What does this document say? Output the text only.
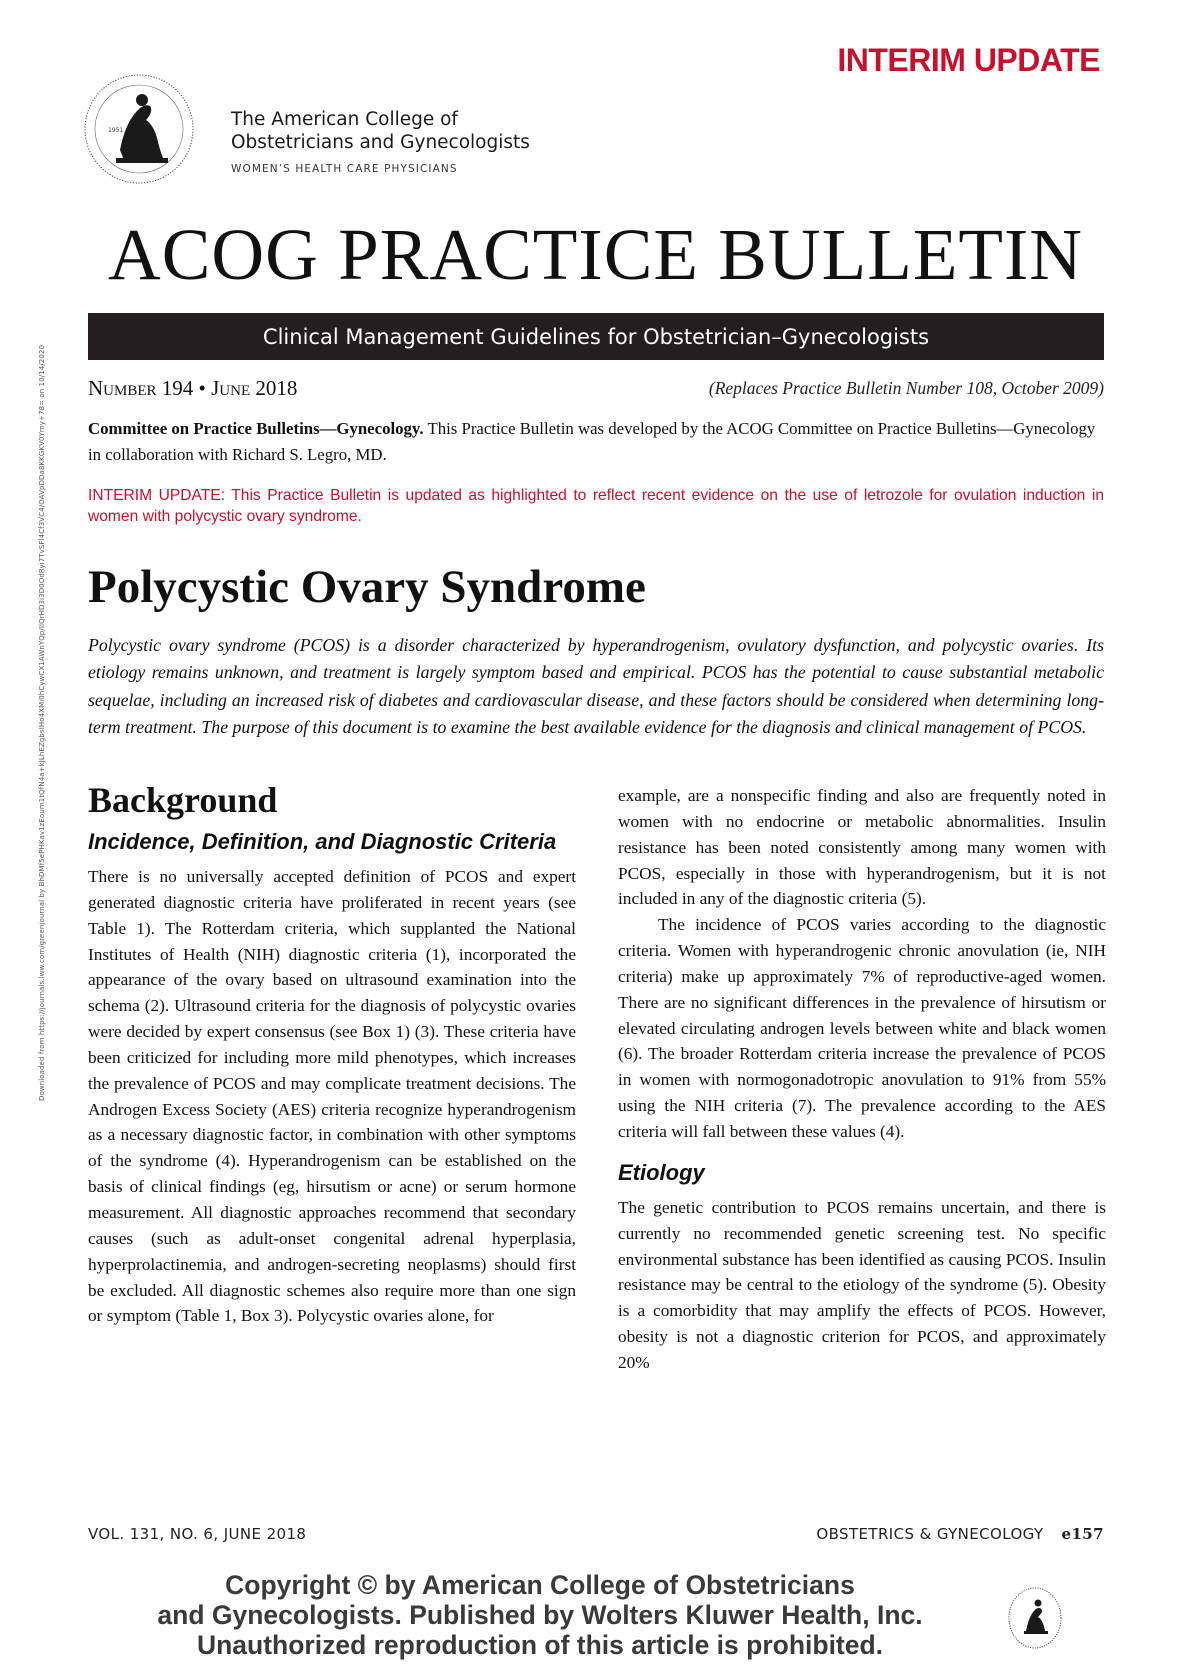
Downloaded from https://journals.lww.com/greenjournal by BhDMf5ePHKav1zEoum1tQfN4a+kJLhEZgbsIHo4XMi0hCywCX1AWnYQp/IlQrHD3i3D0OdRyi7TvSFl4Cf3VC4/OAVpDDa8KKGKV0Ymy+78= on 10/14/2020
INTERIM UPDATE
1951
The American College of
Obstetricians and Gynecologists
WOMEN’S HEALTH CARE PHYSICIANS
ACOG PRACTICE BULLETIN
Clinical Management Guidelines for Obstetrician–Gynecologists
Number 194 • June 2018	(Replaces Practice Bulletin Number 108, October 2009)
Committee on Practice Bulletins—Gynecology. This Practice Bulletin was developed by the ACOG Committee on Practice Bulletins—Gynecology in collaboration with Richard S. Legro, MD.
INTERIM UPDATE: This Practice Bulletin is updated as highlighted to reflect recent evidence on the use of letrozole for ovulation induction in women with polycystic ovary syndrome.
Polycystic Ovary Syndrome

Polycystic ovary syndrome (PCOS) is a disorder characterized by hyperandrogenism, ovulatory dysfunction, and polycystic ovaries. Its etiology remains unknown, and treatment is largely symptom based and empirical. PCOS has the potential to cause substantial metabolic sequelae, including an increased risk of diabetes and cardiovascular disease, and these factors should be considered when determining long-term treatment. The purpose of this document is to examine the best available evidence for the diagnosis and clinical management of PCOS.

Background
Incidence, Definition, and Diagnostic Criteria

There is no universally accepted definition of PCOS and expert generated diagnostic criteria have proliferated in recent years (see Table 1). The Rotterdam criteria, which supplanted the National Institutes of Health (NIH) diagnostic criteria (1), incorporated the appearance of the ovary based on ultrasound examination into the schema (2). Ultrasound criteria for the diagnosis of polycystic ovaries were decided by expert consensus (see Box 1) (3). These criteria have been criticized for including more mild phenotypes, which increases the prevalence of PCOS and may complicate treatment decisions. The Androgen Excess Society (AES) criteria recognize hyperandrogenism as a necessary diagnostic factor, in combination with other symptoms of the syndrome (4). Hyperandrogenism can be established on the basis of clinical findings (eg, hirsutism or acne) or serum hormone measurement. All diagnostic approaches recommend that secondary causes (such as adult-onset congenital adrenal hyperplasia, hyperprolactinemia, and androgen-secreting neoplasms) should first be excluded. All diagnostic schemes also require more than one sign or symptom (Table 1, Box 3). Polycystic ovaries alone, for

example, are a nonspecific finding and also are frequently noted in women with no endocrine or metabolic abnormalities. Insulin resistance has been noted consistently among many women with PCOS, especially in those with hyperandrogenism, but it is not included in any of the diagnostic criteria (5).

The incidence of PCOS varies according to the diagnostic criteria. Women with hyperandrogenic chronic anovulation (ie, NIH criteria) make up approximately 7% of reproductive-aged women. There are no significant differences in the prevalence of hirsutism or elevated circulating androgen levels between white and black women (6). The broader Rotterdam criteria increase the prevalence of PCOS in women with normogonadotropic anovulation to 91% from 55% using the NIH criteria (7). The prevalence according to the AES criteria will fall between these values (4).

Etiology

The genetic contribution to PCOS remains uncertain, and there is currently no recommended genetic screening test. No specific environmental substance has been identified as causing PCOS. Insulin resistance may be central to the etiology of the syndrome (5). Obesity is a comorbidity that may amplify the effects of PCOS. However, obesity is not a diagnostic criterion for PCOS, and approximately 20%

VOL. 131, NO. 6, JUNE 2018	OBSTETRICS & GYNECOLOGY e157
Copyright © by American College of Obstetricians
and Gynecologists. Published by Wolters Kluwer Health, Inc.
Unauthorized reproduction of this article is prohibited.
